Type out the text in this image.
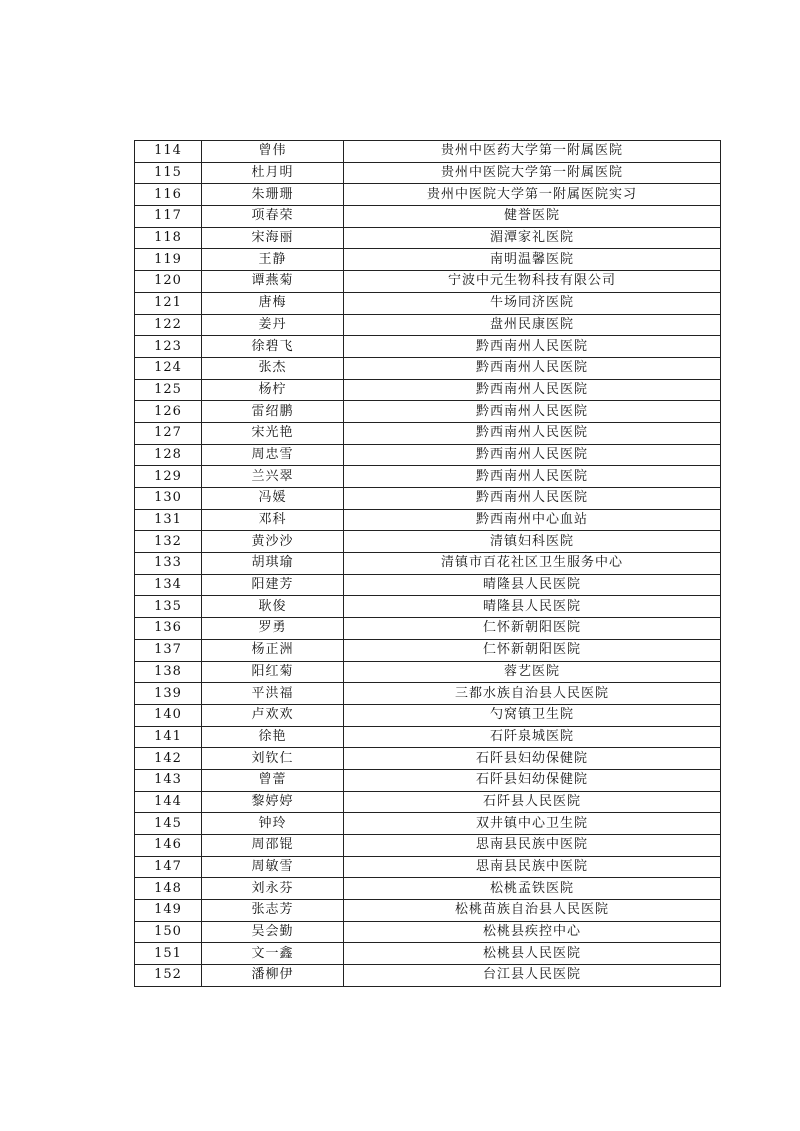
114	曾伟	贵州中医药大学第一附属医院
115	杜月明	贵州中医院大学第一附属医院
116	朱珊珊	贵州中医院大学第一附属医院实习
117	项春荣	健誉医院
118	宋海丽	湄潭家礼医院
119	王静	南明温馨医院
120	谭燕菊	宁波中元生物科技有限公司
121	唐梅	牛场同济医院
122	姜丹	盘州民康医院
123	徐碧飞	黔西南州人民医院
124	张杰	黔西南州人民医院
125	杨柠	黔西南州人民医院
126	雷绍鹏	黔西南州人民医院
127	宋光艳	黔西南州人民医院
128	周忠雪	黔西南州人民医院
129	兰兴翠	黔西南州人民医院
130	冯媛	黔西南州人民医院
131	邓科	黔西南州中心血站
132	黄沙沙	清镇妇科医院
133	胡琪瑜	清镇市百花社区卫生服务中心
134	阳建芳	晴隆县人民医院
135	耿俊	晴隆县人民医院
136	罗勇	仁怀新朝阳医院
137	杨正洲	仁怀新朝阳医院
138	阳红菊	蓉艺医院
139	平洪福	三都水族自治县人民医院
140	卢欢欢	勺窝镇卫生院
141	徐艳	石阡泉城医院
142	刘钦仁	石阡县妇幼保健院
143	曾蕾	石阡县妇幼保健院
144	黎婷婷	石阡县人民医院
145	钟玲	双井镇中心卫生院
146	周邵锟	思南县民族中医院
147	周敏雪	思南县民族中医院
148	刘永芬	松桃孟铁医院
149	张志芳	松桃苗族自治县人民医院
150	吴会勤	松桃县疾控中心
151	文一鑫	松桃县人民医院
152	潘柳伊	台江县人民医院
